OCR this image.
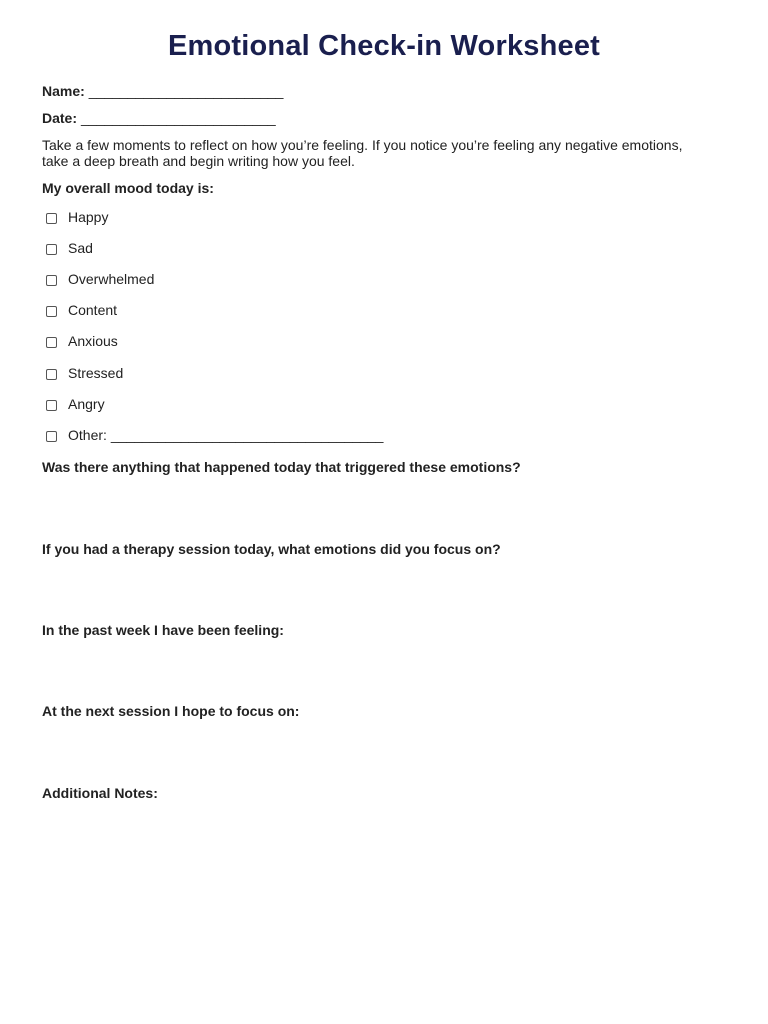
Emotional Check-in Worksheet
Name: _________________________
Date: _________________________

Take a few moments to reflect on how you’re feeling. If you notice you’re feeling any negative emotions, take a deep breath and begin writing how you feel.

My overall mood today is:

Happy
Sad
Overwhelmed
Content
Anxious
Stressed
Angry
Other: ___________________________________

Was there anything that happened today that triggered these emotions?

If you had a therapy session today, what emotions did you focus on?

In the past week I have been feeling:

At the next session I hope to focus on:

Additional Notes:
